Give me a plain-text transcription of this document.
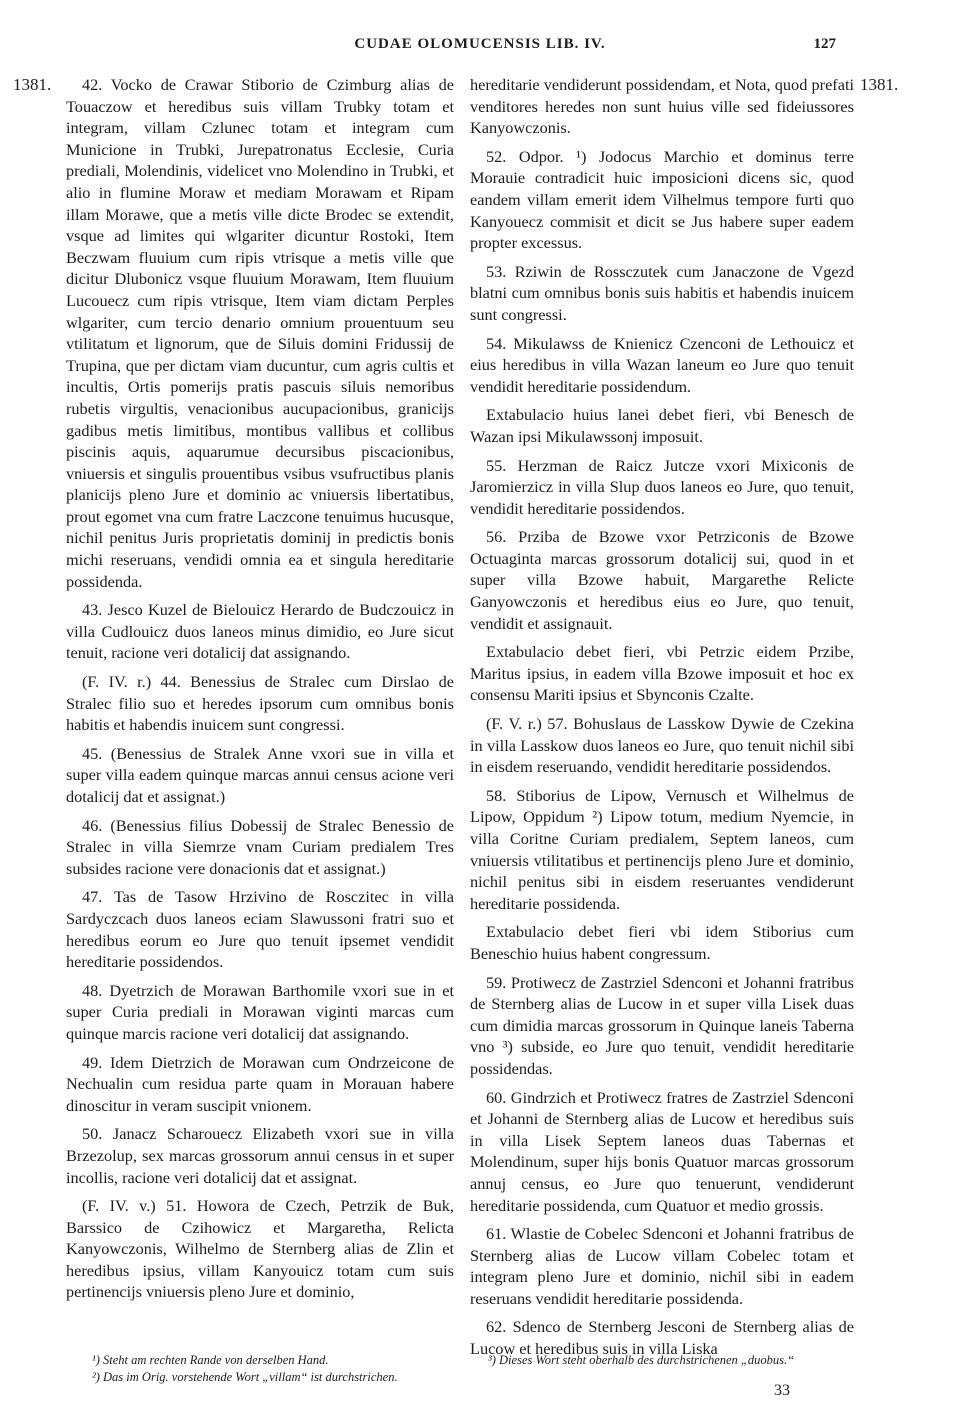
CUDAE OLOMUCENSIS LIB. IV.	127
1381.	1381.

42. Vocko de Crawar Stiborio de Czimburg alias de Touaczow et heredibus suis villam Trubky totam et integram, villam Czlunec totam et integram cum Municione in Trubki, Jurepatronatus Ecclesie, Curia prediali, Molendinis, videlicet vno Molendino in Trubki, et alio in flumine Moraw et mediam Morawam et Ripam illam Morawe, que a metis ville dicte Brodec se extendit, vsque ad limites qui wlgariter dicuntur Rostoki, Item Beczwam fluuium cum ripis vtrisque a metis ville que dicitur Dlubonicz vsque fluuium Morawam, Item fluuium Lucouecz cum ripis vtrisque, Item viam dictam Perples wlgariter, cum tercio denario omnium prouentuum seu vtilitatum et lignorum, que de Siluis domini Fridussij de Trupina, que per dictam viam ducuntur, cum agris cultis et incultis, Ortis pomerijs pratis pascuis siluis nemoribus rubetis virgultis, venacionibus aucupacionibus, granicijs gadibus metis limitibus, montibus vallibus et collibus piscinis aquis, aquarumue decursibus piscacionibus, vniuersis et singulis prouentibus vsibus vsufructibus planis planicijs pleno Jure et dominio ac vniuersis libertatibus, prout egomet vna cum fratre Laczcone tenuimus hucusque, nichil penitus Juris proprietatis dominij in predictis bonis michi reseruans, vendidi omnia ea et singula hereditarie possidenda.

43. Jesco Kuzel de Bielouicz Herardo de Budczouicz in villa Cudlouicz duos laneos minus dimidio, eo Jure sicut tenuit, racione veri dotalicij dat assignando.

(F. IV. r.) 44. Benessius de Stralec cum Dirslao de Stralec filio suo et heredes ipsorum cum omnibus bonis habitis et habendis inuicem sunt congressi.

45. (Benessius de Stralek Anne vxori sue in villa et super villa eadem quinque marcas annui census acione veri dotalicij dat et assignat.)

46. (Benessius filius Dobessij de Stralec Benessio de Stralec in villa Siemrze vnam Curiam predialem Tres subsides racione vere donacionis dat et assignat.)

47. Tas de Tasow Hrzivino de Rosczitec in villa Sardyczcach duos laneos eciam Slawussoni fratri suo et heredibus eorum eo Jure quo tenuit ipsemet vendidit hereditarie possidendos.

48. Dyetrzich de Morawan Barthomile vxori sue in et super Curia prediali in Morawan viginti marcas cum quinque marcis racione veri dotalicij dat assignando.

49. Idem Dietrzich de Morawan cum Ondrzeicone de Nechualin cum residua parte quam in Morauan habere dinoscitur in veram suscipit vnionem.

50. Janacz Scharouecz Elizabeth vxori sue in villa Brzezolup, sex marcas grossorum annui census in et super incollis, racione veri dotalicij dat et assignat.

(F. IV. v.) 51. Howora de Czech, Petrzik de Buk, Barssico de Czihowicz et Margaretha, Relicta Kanyowczonis, Wilhelmo de Sternberg alias de Zlin et heredibus ipsius, villam Kanyouicz totam cum suis pertinencijs vniuersis pleno Jure et dominio,

hereditarie vendiderunt possidendam, et Nota, quod prefati venditores heredes non sunt huius ville sed fideiussores Kanyowczonis.

52. Odpor. ¹) Jodocus Marchio et dominus terre Morauie contradicit huic imposicioni dicens sic, quod eandem villam emerit idem Vilhelmus tempore furti quo Kanyouecz commisit et dicit se Jus habere super eadem propter excessus.

53. Rziwin de Rossczutek cum Janaczone de Vgezd blatni cum omnibus bonis suis habitis et habendis inuicem sunt congressi.

54. Mikulawss de Knienicz Czenconi de Lethouicz et eius heredibus in villa Wazan laneum eo Jure quo tenuit vendidit hereditarie possidendum.

Extabulacio huius lanei debet fieri, vbi Benesch de Wazan ipsi Mikulawssonj imposuit.

55. Herzman de Raicz Jutcze vxori Mixiconis de Jaromierzicz in villa Slup duos laneos eo Jure, quo tenuit, vendidit hereditarie possidendos.

56. Prziba de Bzowe vxor Petrziconis de Bzowe Octuaginta marcas grossorum dotalicij sui, quod in et super villa Bzowe habuit, Margarethe Relicte Ganyowczonis et heredibus eius eo Jure, quo tenuit, vendidit et assignauit.

Extabulacio debet fieri, vbi Petrzic eidem Przibe, Maritus ipsius, in eadem villa Bzowe imposuit et hoc ex consensu Mariti ipsius et Sbynconis Czalte.

(F. V. r.) 57. Bohuslaus de Lasskow Dywie de Czekina in villa Lasskow duos laneos eo Jure, quo tenuit nichil sibi in eisdem reseruando, vendidit hereditarie possidendos.

58. Stiborius de Lipow, Vernusch et Wilhelmus de Lipow, Oppidum ²) Lipow totum, medium Nyemcie, in villa Coritne Curiam predialem, Septem laneos, cum vniuersis vtilitatibus et pertinencijs pleno Jure et dominio, nichil penitus sibi in eisdem reseruantes vendiderunt hereditarie possidenda.

Extabulacio debet fieri vbi idem Stiborius cum Beneschio huius habent congressum.

59. Protiwecz de Zastrziel Sdenconi et Johanni fratribus de Sternberg alias de Lucow in et super villa Lisek duas cum dimidia marcas grossorum in Quinque laneis Taberna vno ³) subside, eo Jure quo tenuit, vendidit hereditarie possidendas.

60. Gindrzich et Protiwecz fratres de Zastrziel Sdenconi et Johanni de Sternberg alias de Lucow et heredibus suis in villa Lisek Septem laneos duas Tabernas et Molendinum, super hijs bonis Quatuor marcas grossorum annuj census, eo Jure quo tenuerunt, vendiderunt hereditarie possidenda, cum Quatuor et medio grossis.

61. Wlastie de Cobelec Sdenconi et Johanni fratribus de Sternberg alias de Lucow villam Cobelec totam et integram pleno Jure et dominio, nichil sibi in eadem reseruans vendidit hereditarie possidenda.

62. Sdenco de Sternberg Jesconi de Sternberg alias de Lucow et heredibus suis in villa Liska

¹) Steht am rechten Rande von derselben Hand.
²) Das im Orig. vorstehende Wort „villam“ ist durchstrichen.
³) Dieses Wort steht oberhalb des durchstrichenen „duobus.“
33
